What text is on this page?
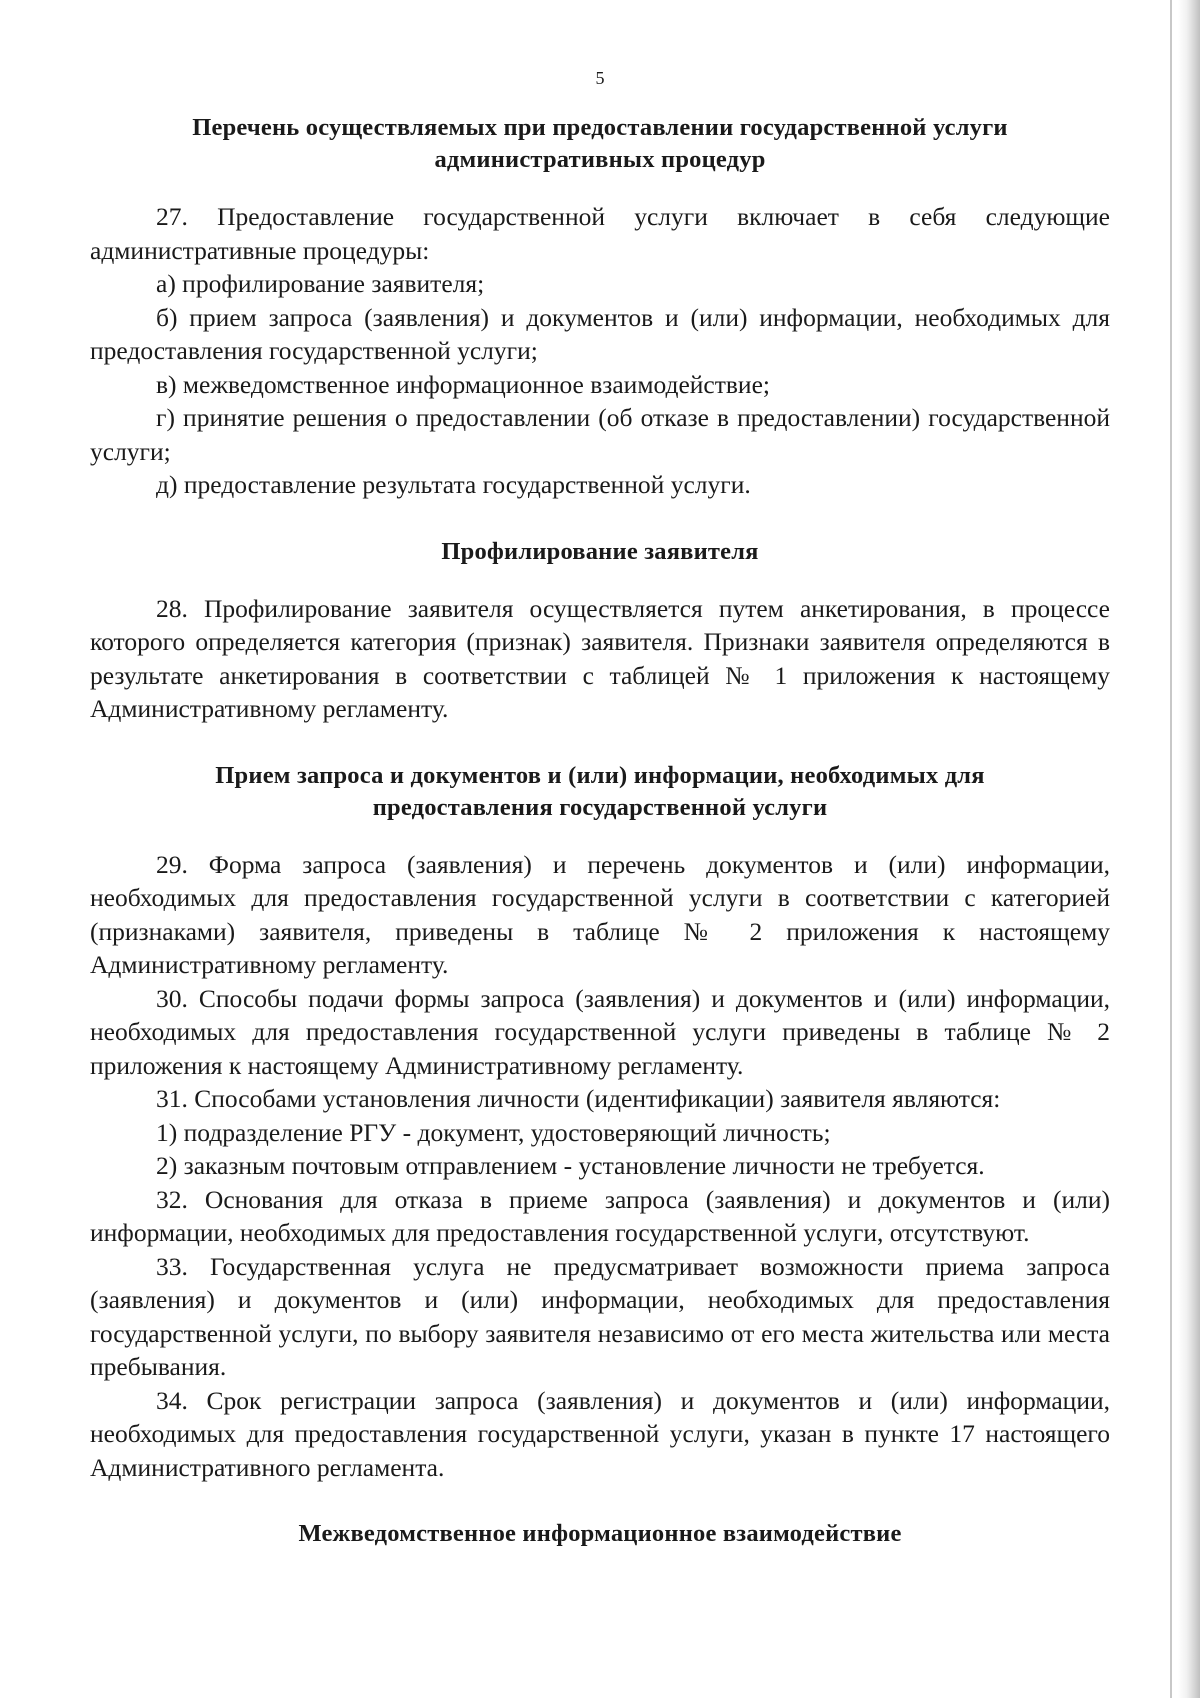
5
Перечень осуществляемых при предоставлении государственной услуги
административных процедур

27. Предоставление государственной услуги включает в себя следующие административные процедуры:

а) профилирование заявителя;

б) прием запроса (заявления) и документов и (или) информации, необходимых для предоставления государственной услуги;

в) межведомственное информационное взаимодействие;

г) принятие решения о предоставлении (об отказе в предоставлении) государственной услуги;

д) предоставление результата государственной услуги.

Профилирование заявителя

28. Профилирование заявителя осуществляется путем анкетирования, в процессе которого определяется категория (признак) заявителя. Признаки заявителя определяются в результате анкетирования в соответствии с таблицей № 1 приложения к настоящему Административному регламенту.

Прием запроса и документов и (или) информации, необходимых для
предоставления государственной услуги

29. Форма запроса (заявления) и перечень документов и (или) информации, необходимых для предоставления государственной услуги в соответствии с категорией (признаками) заявителя, приведены в таблице № 2 приложения к настоящему Административному регламенту.

30. Способы подачи формы запроса (заявления) и документов и (или) информации, необходимых для предоставления государственной услуги приведены в таблице № 2 приложения к настоящему Административному регламенту.

31. Способами установления личности (идентификации) заявителя являются:

1) подразделение РГУ - документ, удостоверяющий личность;

2) заказным почтовым отправлением - установление личности не требуется.

32. Основания для отказа в приеме запроса (заявления) и документов и (или) информации, необходимых для предоставления государственной услуги, отсутствуют.

33. Государственная услуга не предусматривает возможности приема запроса (заявления) и документов и (или) информации, необходимых для предоставления государственной услуги, по выбору заявителя независимо от его места жительства или места пребывания.

34. Срок регистрации запроса (заявления) и документов и (или) информации, необходимых для предоставления государственной услуги, указан в пункте 17 настоящего Административного регламента.

Межведомственное информационное взаимодействие
